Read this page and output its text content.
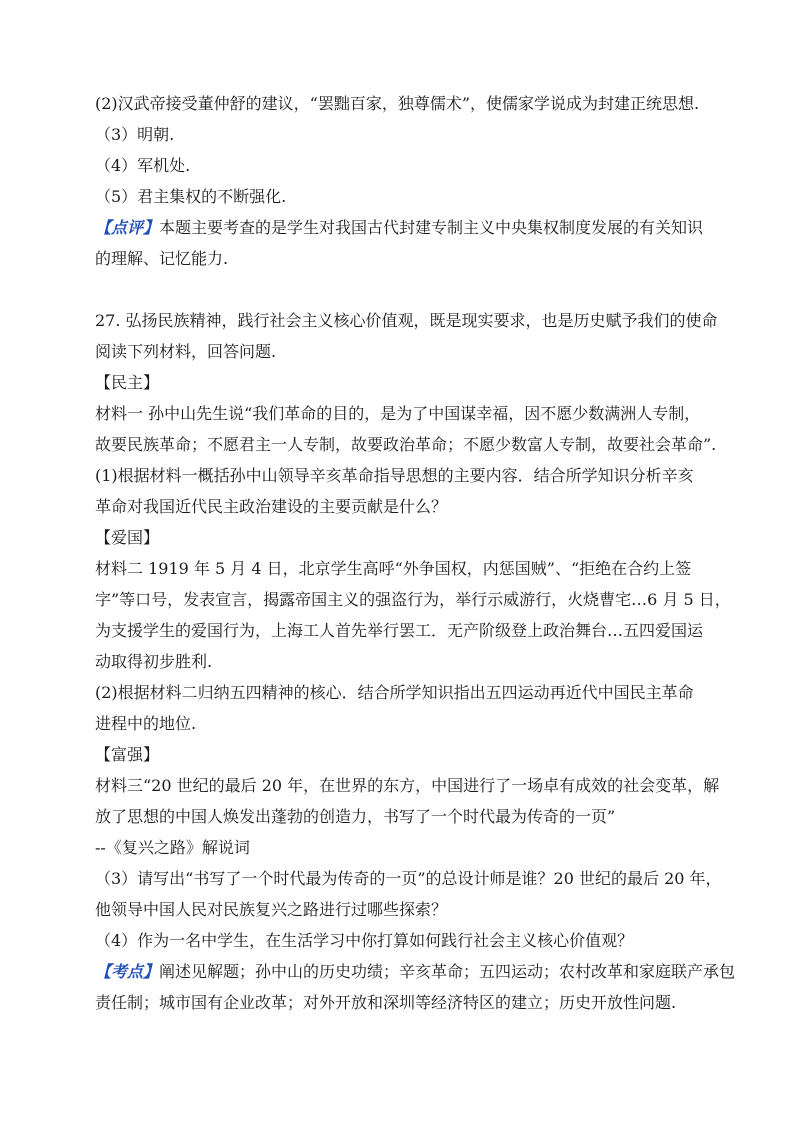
(2)汉武帝接受董仲舒的建议，“罢黜百家，独尊儒术”，使儒家学说成为封建正统思想.
（3）明朝.
（4）军机处.
（5）君主集权的不断强化.
【点评】本题主要考查的是学生对我国古代封建专制主义中央集权制度发展的有关知识
的理解、记忆能力.
27. 弘扬民族精神，践行社会主义核心价值观，既是现实要求，也是历史赋予我们的使命
阅读下列材料，回答问题.
【民主】
材料一 孙中山先生说“我们革命的目的，是为了中国谋幸福，因不愿少数满洲人专制，
故要民族革命；不愿君主一人专制，故要政治革命；不愿少数富人专制，故要社会革命”.
(1)根据材料一概括孙中山领导辛亥革命指导思想的主要内容．结合所学知识分析辛亥
革命对我国近代民主政治建设的主要贡献是什么？
【爱国】
材料二 1919 年 5 月 4 日，北京学生高呼“外争国权，内惩国贼”、“拒绝在合约上签
字”等口号，发表宣言，揭露帝国主义的强盗行为，举行示威游行，火烧曹宅…6 月 5 日，
为支援学生的爱国行为，上海工人首先举行罢工．无产阶级登上政治舞台…五四爱国运
动取得初步胜利.
(2)根据材料二归纳五四精神的核心．结合所学知识指出五四运动再近代中国民主革命
进程中的地位.
【富强】
材料三“20 世纪的最后 20 年，在世界的东方，中国进行了一场卓有成效的社会变革，解
放了思想的中国人焕发出蓬勃的创造力，书写了一个时代最为传奇的一页”
--《复兴之路》解说词
（3）请写出“书写了一个时代最为传奇的一页”的总设计师是谁？20 世纪的最后 20 年，
他领导中国人民对民族复兴之路进行过哪些探索？
（4）作为一名中学生，在生活学习中你打算如何践行社会主义核心价值观？
【考点】阐述见解题；孙中山的历史功绩；辛亥革命；五四运动；农村改革和家庭联产承包
责任制；城市国有企业改革；对外开放和深圳等经济特区的建立；历史开放性问题.
